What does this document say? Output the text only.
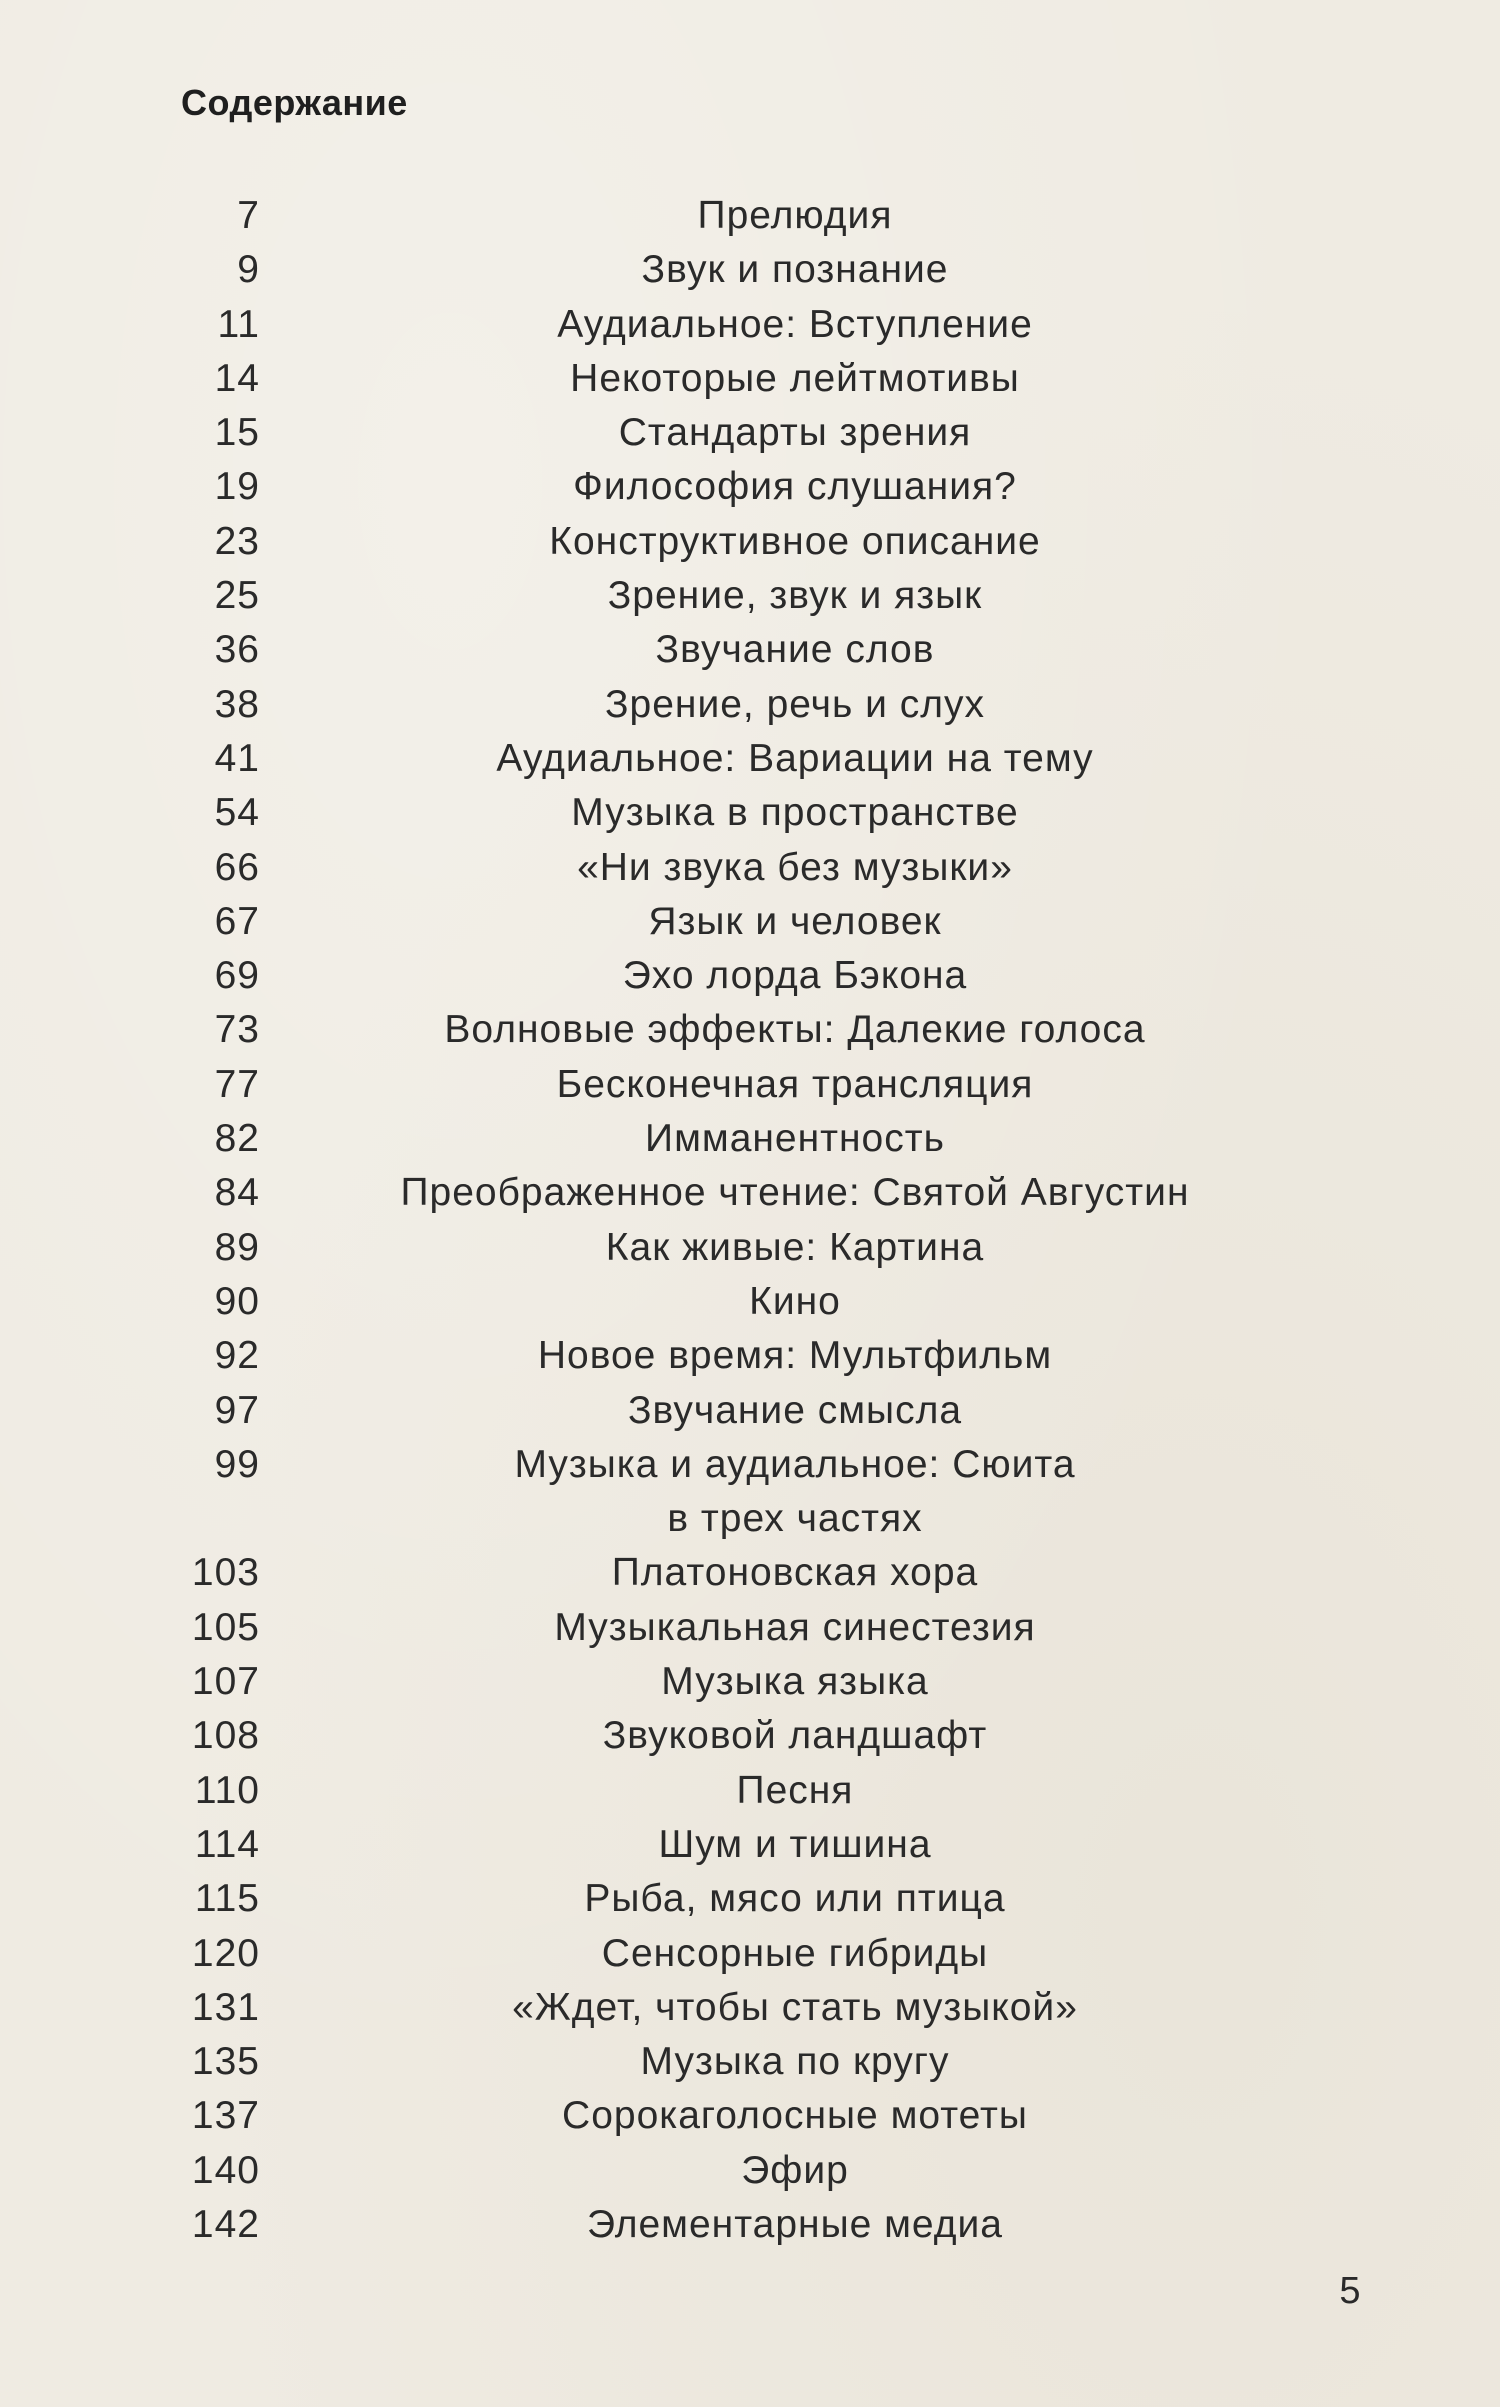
Содержание
7	Прелюдия
9	Звук и познание
11	Аудиальное: Вступление
14	Некоторые лейтмотивы
15	Стандарты зрения
19	Философия слушания?
23	Конструктивное описание
25	Зрение, звук и язык
36	Звучание слов
38	Зрение, речь и слух
41	Аудиальное: Вариации на тему
54	Музыка в пространстве
66	«Ни звука без музыки»
67	Язык и человек
69	Эхо лорда Бэкона
73	Волновые эффекты: Далекие голоса
77	Бесконечная трансляция
82	Имманентность
84	Преображенное чтение: Святой Августин
89	Как живые: Картина
90	Кино
92	Новое время: Мультфильм
97	Звучание смысла
99	Музыка и аудиальное: Сюита
в трех частях
103	Платоновская хора
105	Музыкальная синестезия
107	Музыка языка
108	Звуковой ландшафт
110	Песня
114	Шум и тишина
115	Рыба, мясо или птица
120	Сенсорные гибриды
131	«Ждет, чтобы стать музыкой»
135	Музыка по кругу
137	Сорокаголосные мотеты
140	Эфир
142	Элементарные медиа
5
